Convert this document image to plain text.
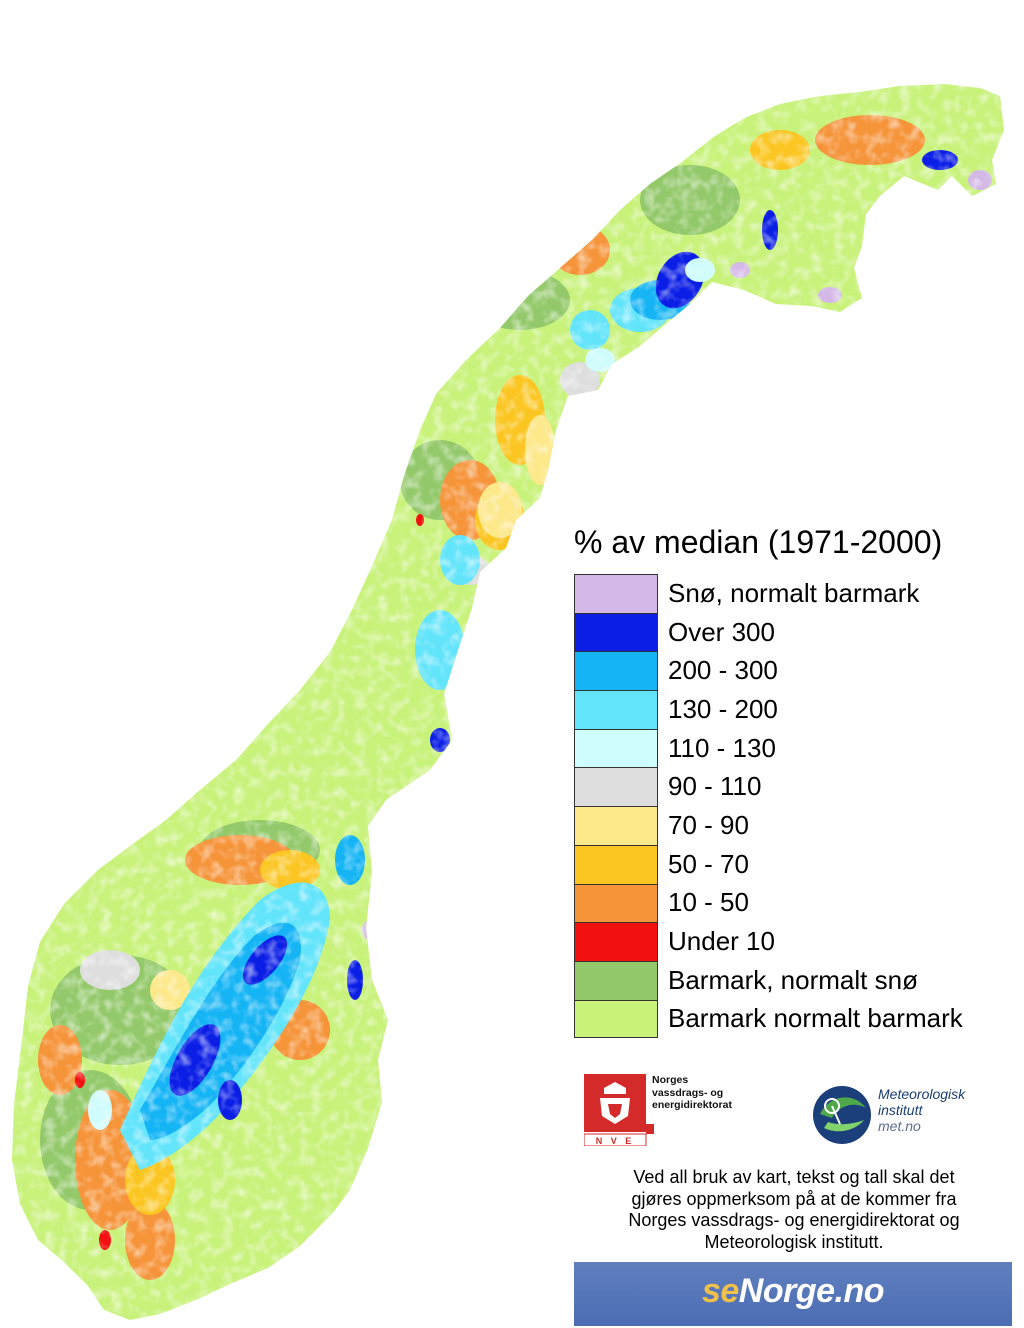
% av median (1971-2000)
Snø, normalt barmark
Over 300
200 - 300
130 - 200
110 - 130
90 - 110
70 - 90
50 - 70
10 - 50
Under 10
Barmark, normalt snø
Barmark normalt barmark
N V E
Norges
vassdrags- og
energidirektorat
Meteorologisk
institutt
met.no
Ved all bruk av kart, tekst og tall skal det
gjøres oppmerksom på at de kommer fra
Norges vassdrags- og energidirektorat og
Meteorologisk institutt.
seNorge.no
